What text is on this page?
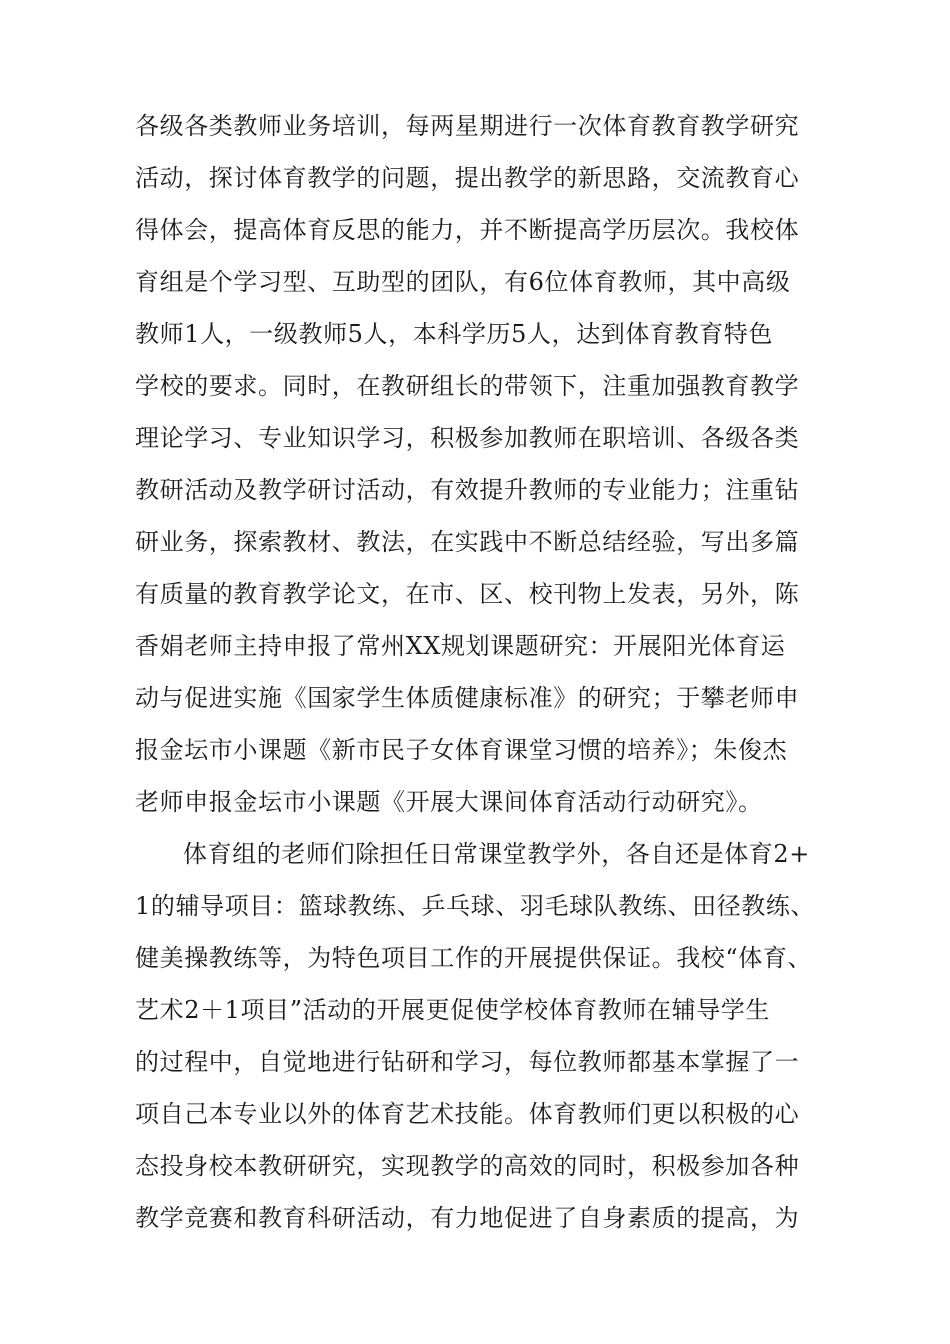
各级各类教师业务培训，每两星期进行一次体育教育教学研究
活动，探讨体育教学的问题，提出教学的新思路，交流教育心
得体会，提高体育反思的能力，并不断提高学历层次。我校体
育组是个学习型、互助型的团队，有6位体育教师，其中高级
教师1人，一级教师5人，本科学历5人，达到体育教育特色
学校的要求。同时，在教研组长的带领下，注重加强教育教学
理论学习、专业知识学习，积极参加教师在职培训、各级各类
教研活动及教学研讨活动，有效提升教师的专业能力；注重钻
研业务，探索教材、教法，在实践中不断总结经验，写出多篇
有质量的教育教学论文，在市、区、校刊物上发表，另外，陈
香娟老师主持申报了常州XX规划课题研究：开展阳光体育运
动与促进实施《国家学生体质健康标准》的研究；于攀老师申
报金坛市小课题《新市民子女体育课堂习惯的培养》；朱俊杰
老师申报金坛市小课题《开展大课间体育活动行动研究》。
体育组的老师们除担任日常课堂教学外，各自还是体育2+
1的辅导项目：篮球教练、乒乓球、羽毛球队教练、田径教练、
健美操教练等，为特色项目工作的开展提供保证。我校“体育、
艺术2＋1项目”活动的开展更促使学校体育教师在辅导学生
的过程中，自觉地进行钻研和学习，每位教师都基本掌握了一
项自己本专业以外的体育艺术技能。体育教师们更以积极的心
态投身校本教研研究，实现教学的高效的同时，积极参加各种
教学竞赛和教育科研活动，有力地促进了自身素质的提高，为
